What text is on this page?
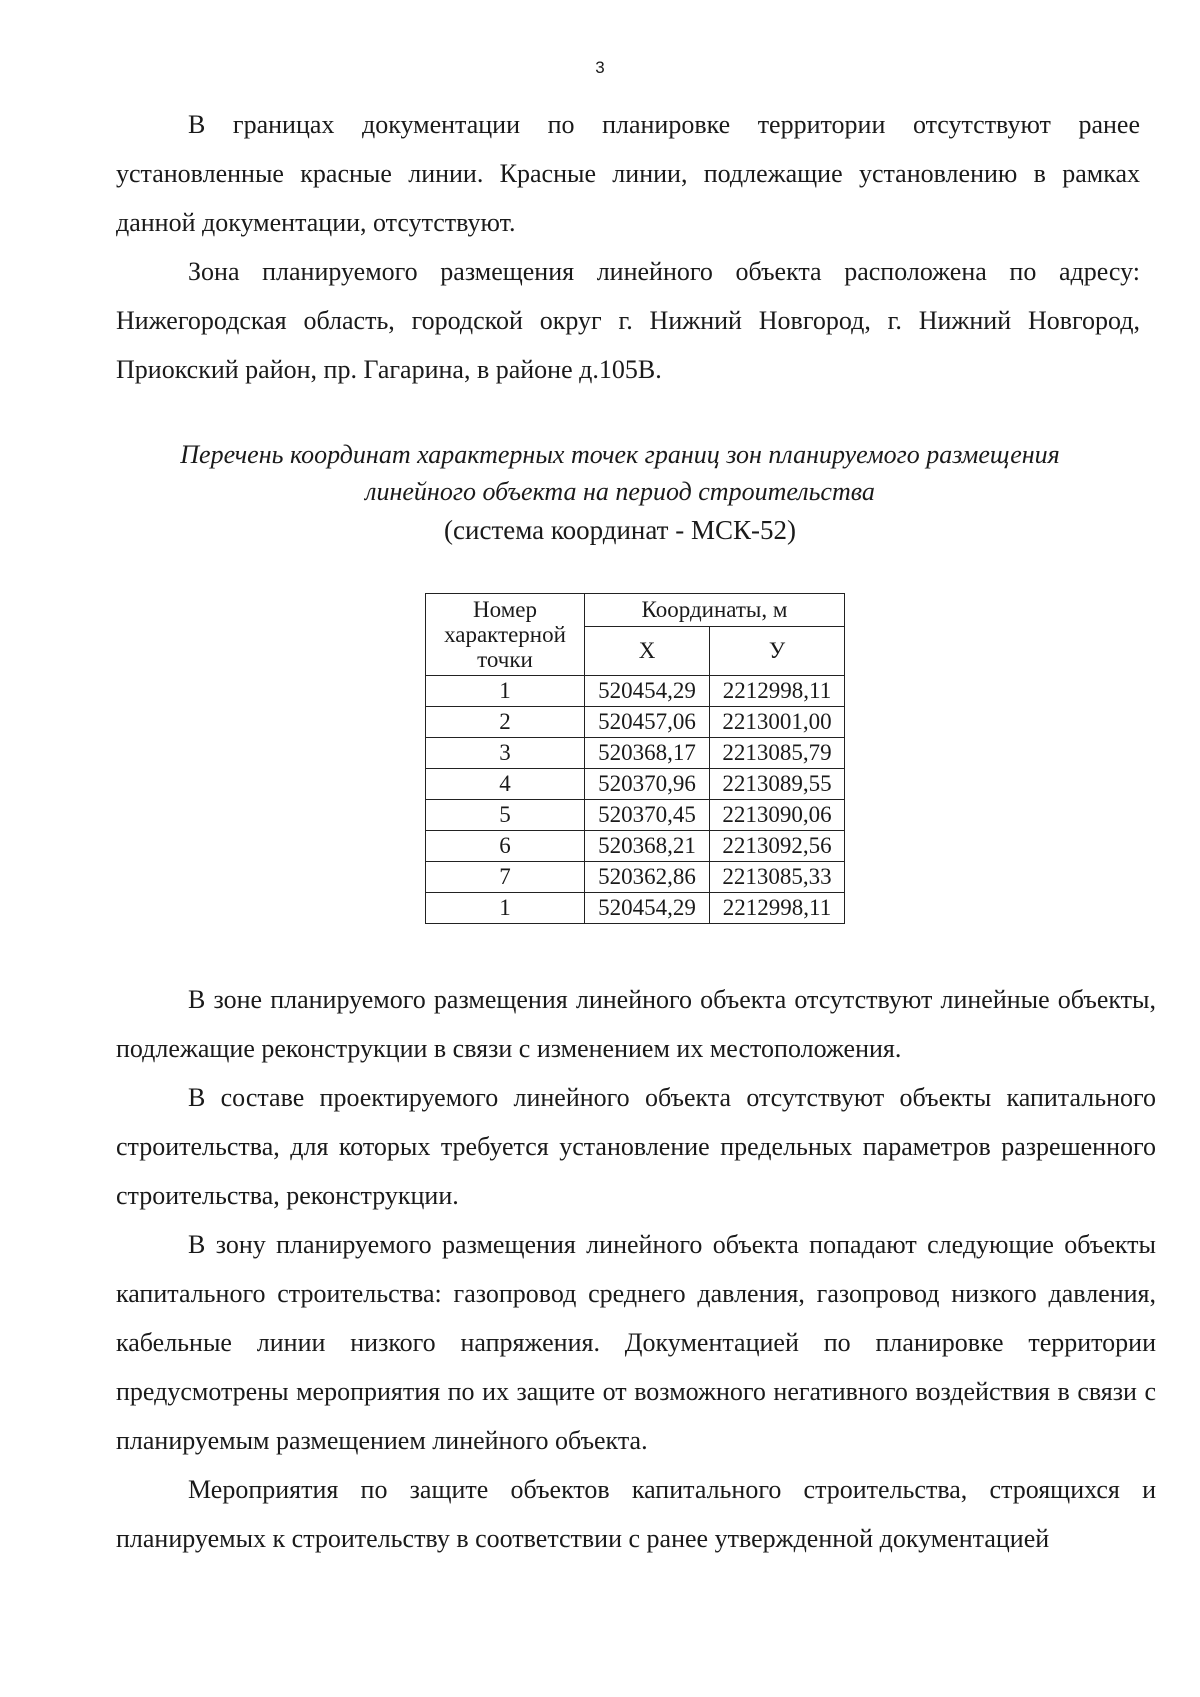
3

В границах документации по планировке территории отсутствуют ранее установленные красные линии. Красные линии, подлежащие установлению в рамках данной документации, отсутствуют.

Зона планируемого размещения линейного объекта расположена по адресу: Нижегородская область, городской округ г. Нижний Новгород, г. Нижний Новгород, Приокский район, пр. Гагарина, в районе д.105В.

Перечень координат характерных точек границ зон планируемого размещения
линейного объекта на период строительства
(система координат - МСК-52)
Номер характерной точки	Координаты, м	
	X	У
1	520454,29	2212998,11
2	520457,06	2213001,00
3	520368,17	2213085,79
4	520370,96	2213089,55
5	520370,45	2213090,06
6	520368,21	2213092,56
7	520362,86	2213085,33
1	520454,29	2212998,11

В зоне планируемого размещения линейного объекта отсутствуют линейные объекты, подлежащие реконструкции в связи с изменением их местоположения.

В составе проектируемого линейного объекта отсутствуют объекты капитального строительства, для которых требуется установление предельных параметров разрешенного строительства, реконструкции.

В зону планируемого размещения линейного объекта попадают следующие объекты капитального строительства: газопровод среднего давления, газопровод низкого давления, кабельные линии низкого напряжения. Документацией по планировке территории предусмотрены мероприятия по их защите от возможного негативного воздействия в связи с планируемым размещением линейного объекта.

Мероприятия по защите объектов капитального строительства, строящихся и планируемых к строительству в соответствии с ранее утвержденной документацией
